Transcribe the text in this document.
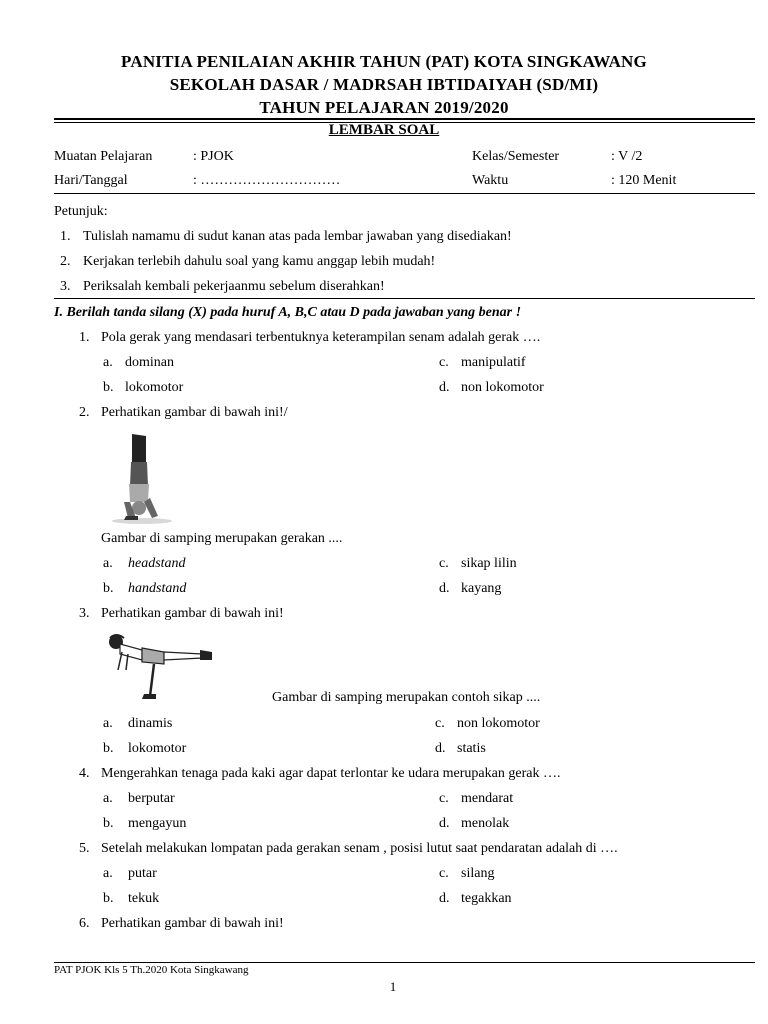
PANITIA PENILAIAN AKHIR TAHUN (PAT) KOTA SINGKAWANG
SEKOLAH DASAR / MADRSAH IBTIDAIYAH (SD/MI)
TAHUN PELAJARAN 2019/2020
LEMBAR SOAL
Muatan Pelajaran	: PJOK	Kelas/Semester	: V /2
Hari/Tanggal	: …………………………	Waktu	: 120 Menit
Petunjuk:
1. Tulislah namamu di sudut kanan atas pada lembar jawaban yang disediakan!
2. Kerjakan terlebih dahulu soal yang kamu anggap lebih mudah!
3. Periksalah kembali pekerjaanmu sebelum diserahkan!
I. Berilah tanda silang (X) pada huruf A, B,C atau D pada jawaban yang benar !
1. Pola gerak yang mendasari terbentuknya keterampilan senam adalah gerak ….
a. dominan
b. lokomotor
c. manipulatif
d. non lokomotor
2. Perhatikan gambar di bawah ini!/
Gambar di samping merupakan gerakan ....
a. headstand
b. handstand
c. sikap lilin
d. kayang
3. Perhatikan gambar di bawah ini!
Gambar di samping merupakan contoh sikap ....
a. dinamis
b. lokomotor
c. non lokomotor
d. statis
4. Mengerahkan tenaga pada kaki agar dapat terlontar ke udara merupakan gerak ….
a. berputar
b. mengayun
c. mendarat
d. menolak
5. Setelah melakukan lompatan pada gerakan senam , posisi lutut saat pendaratan adalah di ….
a. putar
b. tekuk
c. silang
d. tegakkan
6. Perhatikan gambar di bawah ini!
PAT PJOK Kls 5 Th.2020 Kota Singkawang
1
